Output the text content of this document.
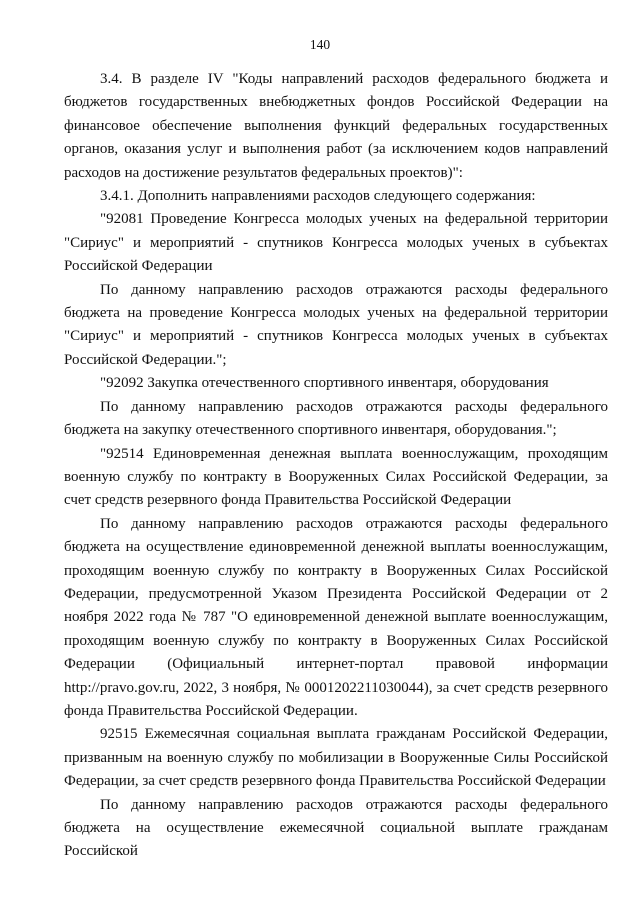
140

3.4. В разделе IV "Коды направлений расходов федерального бюджета и бюджетов государственных внебюджетных фондов Российской Федерации на финансовое обеспечение выполнения функций федеральных государственных органов, оказания услуг и выполнения работ (за исключением кодов направлений расходов на достижение результатов федеральных проектов)":

3.4.1. Дополнить направлениями расходов следующего содержания:

"92081 Проведение Конгресса молодых ученых на федеральной территории "Сириус" и мероприятий - спутников Конгресса молодых ученых в субъектах Российской Федерации

По данному направлению расходов отражаются расходы федерального бюджета на проведение Конгресса молодых ученых на федеральной территории "Сириус" и мероприятий - спутников Конгресса молодых ученых в субъектах Российской Федерации.";

"92092 Закупка отечественного спортивного инвентаря, оборудования

По данному направлению расходов отражаются расходы федерального бюджета на закупку отечественного спортивного инвентаря, оборудования.";

"92514 Единовременная денежная выплата военнослужащим, проходящим военную службу по контракту в Вооруженных Силах Российской Федерации, за счет средств резервного фонда Правительства Российской Федерации

По данному направлению расходов отражаются расходы федерального бюджета на осуществление единовременной денежной выплаты военнослужащим, проходящим военную службу по контракту в Вооруженных Силах Российской Федерации, предусмотренной Указом Президента Российской Федерации от 2 ноября 2022 года № 787 "О единовременной денежной выплате военнослужащим, проходящим военную службу по контракту в Вооруженных Силах Российской Федерации (Официальный интернет-портал правовой информации http://pravo.gov.ru, 2022, 3 ноября, № 0001202211030044), за счет средств резервного фонда Правительства Российской Федерации.

92515 Ежемесячная социальная выплата гражданам Российской Федерации, призванным на военную службу по мобилизации в Вооруженные Силы Российской Федерации, за счет средств резервного фонда Правительства Российской Федерации

По данному направлению расходов отражаются расходы федерального бюджета на осуществление ежемесячной социальной выплате гражданам Российской
